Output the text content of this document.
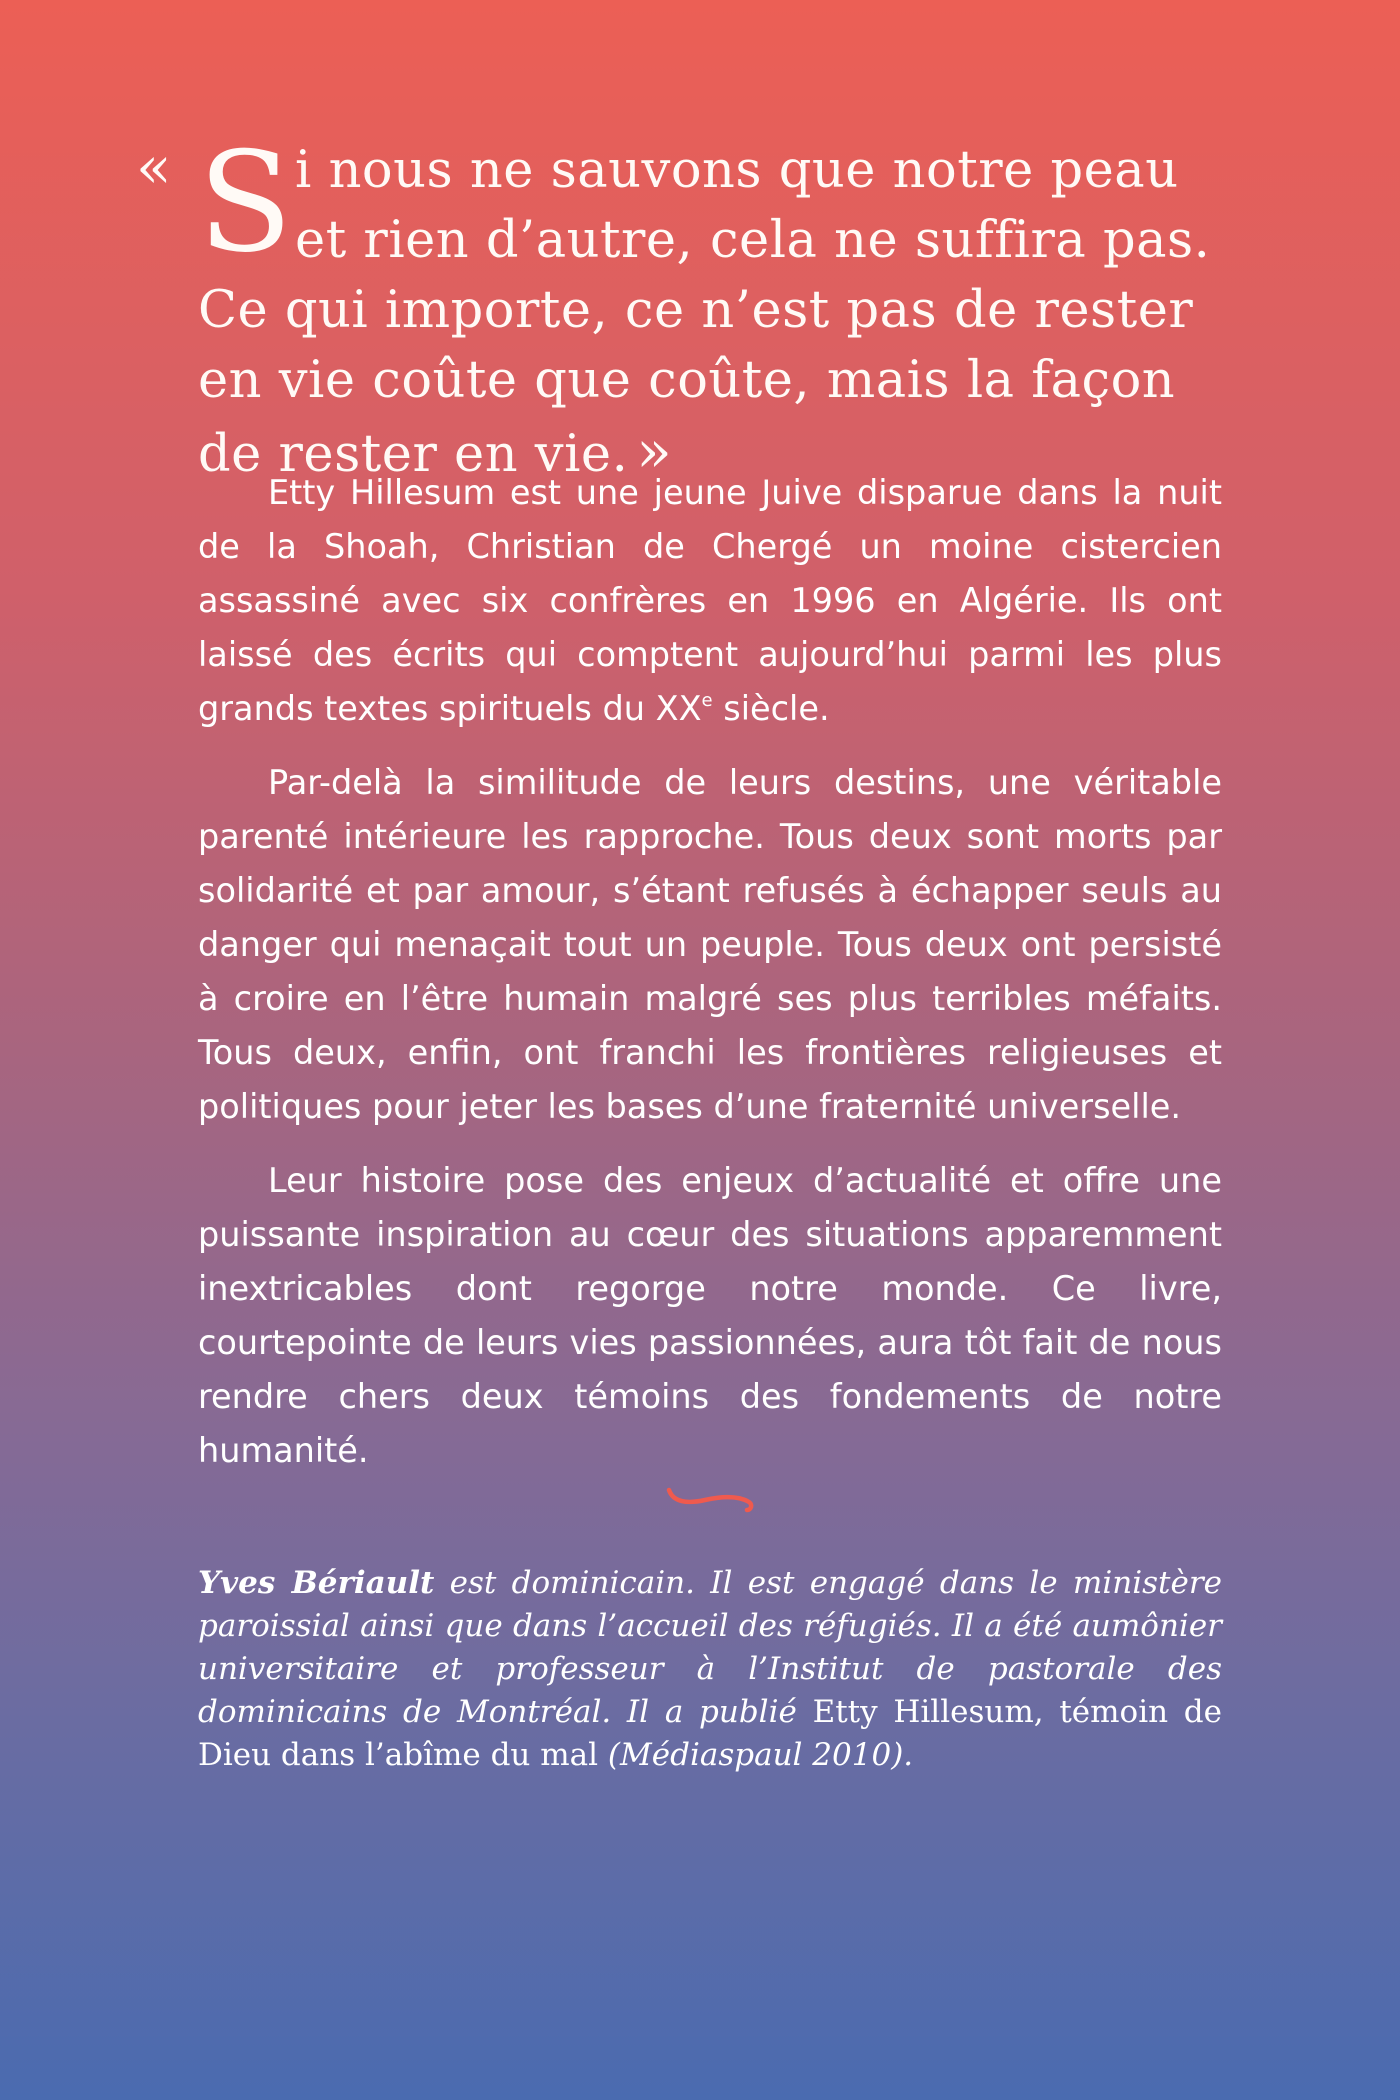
« S i nous ne sauvons que notre peau et rien d’autre, cela ne suffira pas. Ce qui importe, ce n’est pas de rester en vie coûte que coûte, mais la façon de rester en vie. »

Etty Hillesum est une jeune Juive disparue dans la nuit de la Shoah, Christian de Chergé un moine cistercien assassiné avec six confrères en 1996 en Algérie. Ils ont laissé des écrits qui comptent aujourd’hui parmi les plus grands textes spirituels du XXe siècle.

Par-delà la similitude de leurs destins, une véritable parenté intérieure les rapproche. Tous deux sont morts par solidarité et par amour, s’étant refusés à échapper seuls au danger qui menaçait tout un peuple. Tous deux ont persisté à croire en l’être humain malgré ses plus terribles méfaits. Tous deux, enfin, ont franchi les frontières religieuses et politiques pour jeter les bases d’une fraternité universelle.

Leur histoire pose des enjeux d’actualité et offre une puissante inspiration au cœur des situations apparemment inextricables dont regorge notre monde. Ce livre, courtepointe de leurs vies passionnées, aura tôt fait de nous rendre chers deux témoins des fondements de notre humanité.

Yves Bériault est dominicain. Il est engagé dans le ministère paroissial ainsi que dans l’accueil des réfugiés. Il a été aumônier universitaire et professeur à l’Institut de pastorale des dominicains de Montréal. Il a publié Etty Hillesum, témoin de Dieu dans l’abîme du mal (Médiaspaul 2010).
